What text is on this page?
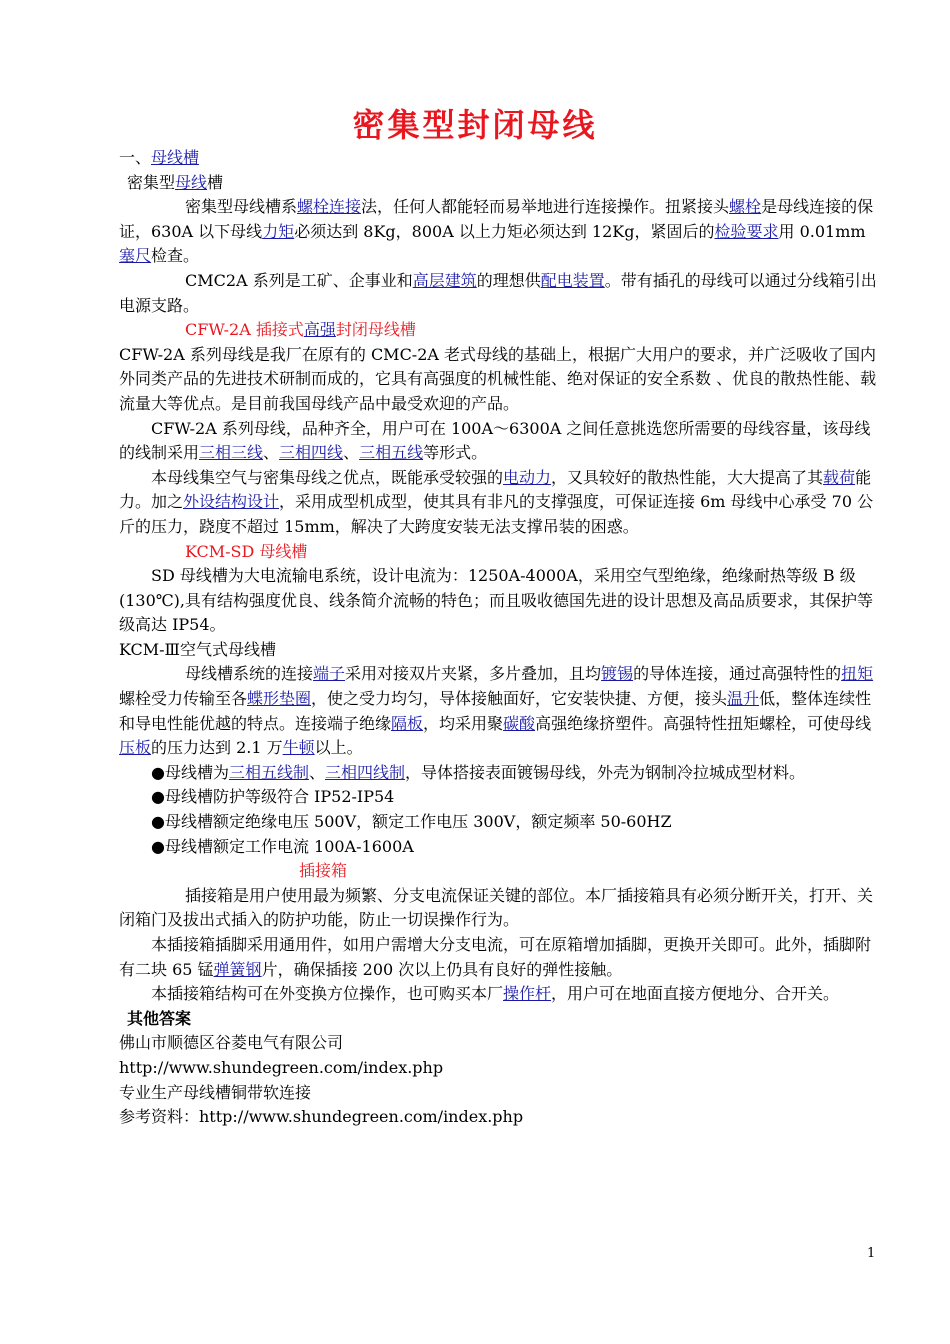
密集型封闭母线

一、母线槽

密集型母线槽

密集型母线槽系螺栓连接法，任何人都能轻而易举地进行连接操作。扭紧接头螺栓是母线连接的保证，630A 以下母线力矩必须达到 8Kg，800A 以上力矩必须达到 12Kg，紧固后的检验要求用 0.01mm 塞尺检查。

CMC2A 系列是工矿、企事业和高层建筑的理想供配电装置。带有插孔的母线可以通过分线箱引出电源支路。

CFW-2A 插接式高强封闭母线槽

CFW-2A 系列母线是我厂在原有的 CMC-2A 老式母线的基础上，根据广大用户的要求，并广泛吸收了国内外同类产品的先进技术研制而成的，它具有高强度的机械性能、绝对保证的安全系数 、优良的散热性能、载流量大等优点。是目前我国母线产品中最受欢迎的产品。

CFW-2A 系列母线，品种齐全，用户可在 100A～6300A 之间任意挑选您所需要的母线容量，该母线的线制采用三相三线、三相四线、三相五线等形式。

本母线集空气与密集母线之优点，既能承受较强的电动力，又具较好的散热性能，大大提高了其载荷能力。加之外设结构设计，采用成型机成型，使其具有非凡的支撑强度，可保证连接 6m 母线中心承受 70 公斤的压力，跷度不超过 15mm，解决了大跨度安装无法支撑吊装的困惑。

KCM-SD 母线槽

SD 母线槽为大电流输电系统，设计电流为：1250A-4000A，采用空气型绝缘，绝缘耐热等级 B 级(130℃),具有结构强度优良、线条简介流畅的特色；而且吸收德国先进的设计思想及高品质要求，其保护等级高达 IP54。

KCM-Ⅲ空气式母线槽

母线槽系统的连接端子采用对接双片夹紧，多片叠加，且均镀锡的导体连接，通过高强特性的扭矩螺栓受力传输至各蝶形垫圈，使之受力均匀，导体接触面好，它安装快捷、方便，接头温升低，整体连续性和导电性能优越的特点。连接端子绝缘隔板，均采用聚碳酸高强绝缘挤塑件。高强特性扭矩螺栓，可使母线压板的压力达到 2.1 万牛顿以上。

●母线槽为三相五线制、三相四线制，导体搭接表面镀锡母线，外壳为钢制冷拉城成型材料。

●母线槽防护等级符合 IP52-IP54

●母线槽额定绝缘电压 500V，额定工作电压 300V，额定频率 50-60HZ

●母线槽额定工作电流 100A-1600A

插接箱

插接箱是用户使用最为频繁、分支电流保证关键的部位。本厂插接箱具有必须分断开关，打开、关闭箱门及拔出式插入的防护功能，防止一切误操作行为。

本插接箱插脚采用通用件，如用户需增大分支电流，可在原箱增加插脚，更换开关即可。此外，插脚附有二块 65 锰弹簧钢片，确保插接 200 次以上仍具有良好的弹性接触。

本插接箱结构可在外变换方位操作，也可购买本厂操作杆，用户可在地面直接方便地分、合开关。

其他答案

佛山市顺德区谷菱电气有限公司

http://www.shundegreen.com/index.php

专业生产母线槽铜带软连接

参考资料：http://www.shundegreen.com/index.php

1
